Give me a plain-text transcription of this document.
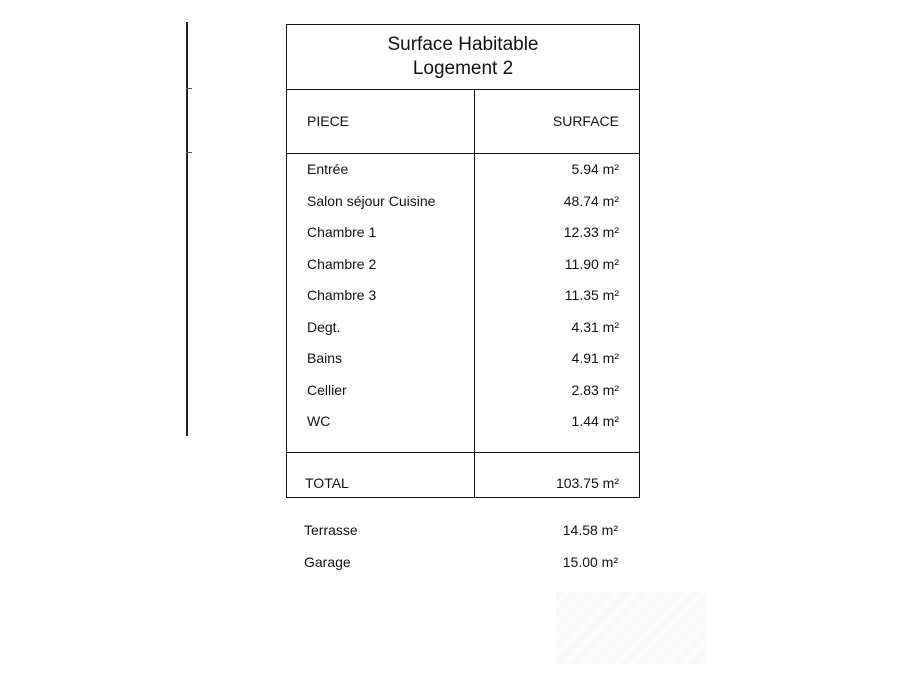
Surface Habitable
Logement 2
PIECE	SURFACE
Entrée	5.94 m²
Salon séjour Cuisine	48.74 m²
Chambre 1	12.33 m²
Chambre 2	11.90 m²
Chambre 3	11.35 m²
Degt.	4.31 m²
Bains	4.91 m²
Cellier	2.83 m²
WC	1.44 m²
TOTAL	103.75 m²
Terrasse	14.58 m²
Garage	15.00 m²
